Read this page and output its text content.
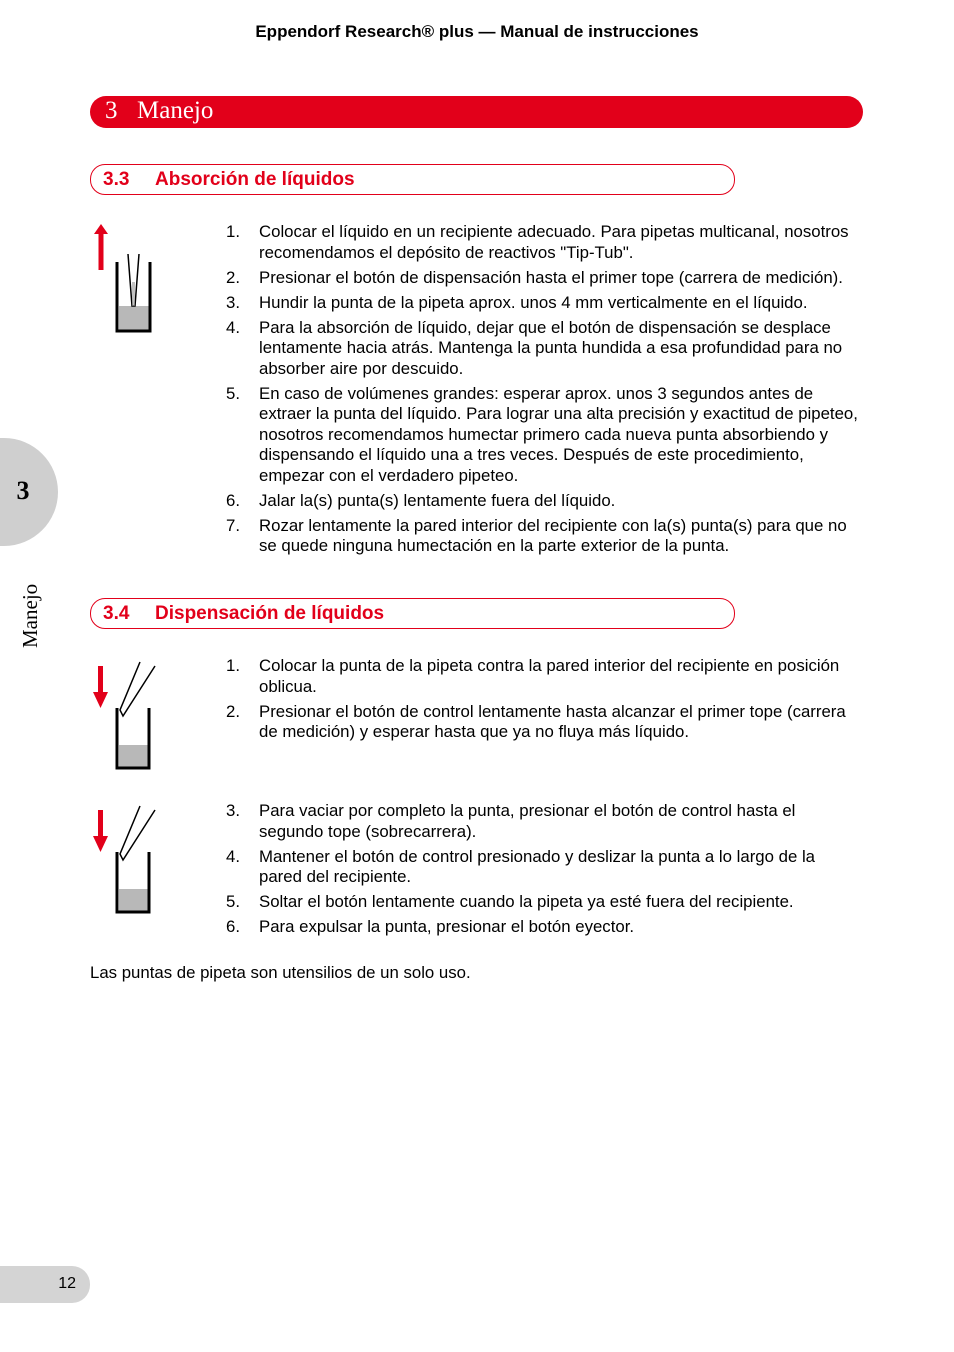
Eppendorf Research® plus — Manual de instrucciones
3 Manejo
3
Manejo
3.3 Absorción de líquidos
1. Colocar el líquido en un recipiente adecuado. Para pipetas multicanal, nosotros recomendamos el depósito de reactivos "Tip-Tub".
2. Presionar el botón de dispensación hasta el primer tope (carrera de medición).
3. Hundir la punta de la pipeta aprox. unos 4 mm verticalmente en el líquido.
4. Para la absorción de líquido, dejar que el botón de dispensación se desplace lentamente hacia atrás. Mantenga la punta hundida a esa profundidad para no absorber aire por descuido.
5. En caso de volúmenes grandes: esperar aprox. unos 3 segundos antes de extraer la punta del líquido. Para lograr una alta precisión y exactitud de pipeteo, nosotros recomendamos humectar primero cada nueva punta absorbiendo y dispensando el líquido una a tres veces. Después de este procedimiento, empezar con el verdadero pipeteo.
6. Jalar la(s) punta(s) lentamente fuera del líquido.
7. Rozar lentamente la pared interior del recipiente con la(s) punta(s) para que no se quede ninguna humectación en la parte exterior de la punta.
3.4 Dispensación de líquidos
1. Colocar la punta de la pipeta contra la pared interior del recipiente en posición oblicua.
2. Presionar el botón de control lentamente hasta alcanzar el primer tope (carrera de medición) y esperar hasta que ya no fluya más líquido.
3. Para vaciar por completo la punta, presionar el botón de control hasta el segundo tope (sobrecarrera).
4. Mantener el botón de control presionado y deslizar la punta a lo largo de la pared del recipiente.
5. Soltar el botón lentamente cuando la pipeta ya esté fuera del recipiente.
6. Para expulsar la punta, presionar el botón eyector.
Las puntas de pipeta son utensilios de un solo uso.
12
